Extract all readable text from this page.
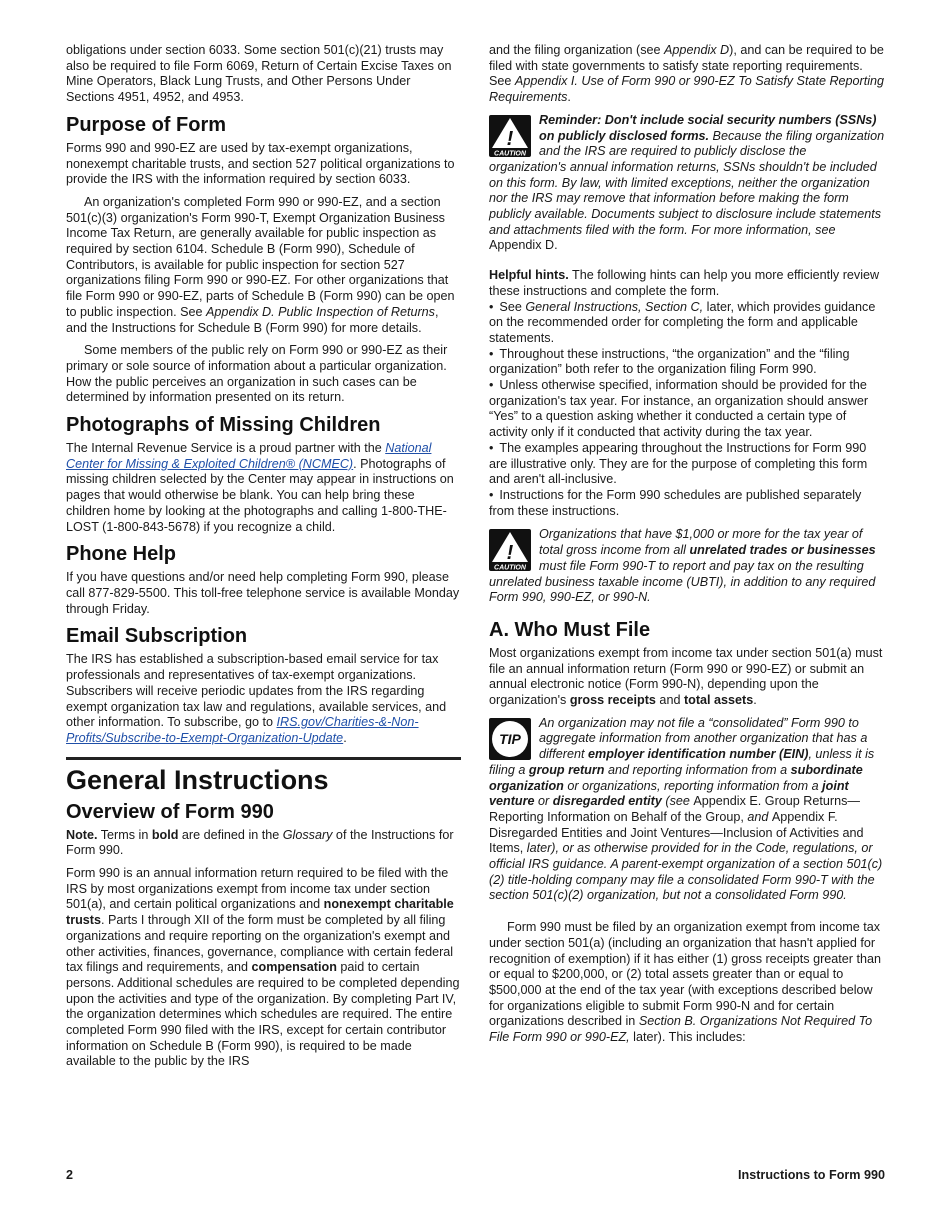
obligations under section 6033. Some section 501(c)(21) trusts may also be required to file Form 6069, Return of Certain Excise Taxes on Mine Operators, Black Lung Trusts, and Other Persons Under Sections 4951, 4952, and 4953.

Purpose of Form

Forms 990 and 990-EZ are used by tax-exempt organizations, nonexempt charitable trusts, and section 527 political organizations to provide the IRS with the information required by section 6033.

An organization's completed Form 990 or 990-EZ, and a section 501(c)(3) organization's Form 990-T, Exempt Organization Business Income Tax Return, are generally available for public inspection as required by section 6104. Schedule B (Form 990), Schedule of Contributors, is available for public inspection for section 527 organizations filing Form 990 or 990-EZ. For other organizations that file Form 990 or 990-EZ, parts of Schedule B (Form 990) can be open to public inspection. See Appendix D. Public Inspection of Returns, and the Instructions for Schedule B (Form 990) for more details.

Some members of the public rely on Form 990 or 990-EZ as their primary or sole source of information about a particular organization. How the public perceives an organization in such cases can be determined by information presented on its return.

Photographs of Missing Children

The Internal Revenue Service is a proud partner with the National Center for Missing & Exploited Children® (NCMEC). Photographs of missing children selected by the Center may appear in instructions on pages that would otherwise be blank. You can help bring these children home by looking at the photographs and calling 1-800-THE-LOST (1-800-843-5678) if you recognize a child.

Phone Help

If you have questions and/or need help completing Form 990, please call 877-829-5500. This toll-free telephone service is available Monday through Friday.

Email Subscription

The IRS has established a subscription-based email service for tax professionals and representatives of tax-exempt organizations. Subscribers will receive periodic updates from the IRS regarding exempt organization tax law and regulations, available services, and other information. To subscribe, go to IRS.gov/Charities-&-Non-Profits/Subscribe-to-Exempt-Organization-Update.

General Instructions
Overview of Form 990

Note. Terms in bold are defined in the Glossary of the Instructions for Form 990.

Form 990 is an annual information return required to be filed with the IRS by most organizations exempt from income tax under section 501(a), and certain political organizations and nonexempt charitable trusts. Parts I through XII of the form must be completed by all filing organizations and require reporting on the organization's exempt and other activities, finances, governance, compliance with certain federal tax filings and requirements, and compensation paid to certain persons. Additional schedules are required to be completed depending upon the activities and type of the organization. By completing Part IV, the organization determines which schedules are required. The entire completed Form 990 filed with the IRS, except for certain contributor information on Schedule B (Form 990), is required to be made available to the public by the IRS

and the filing organization (see Appendix D), and can be required to be filed with state governments to satisfy state reporting requirements. See Appendix I. Use of Form 990 or 990-EZ To Satisfy State Reporting Requirements.

!
CAUTION
Reminder: Don't include social security numbers (SSNs) on publicly disclosed forms. Because the filing organization and the IRS are required to publicly disclose the organization's annual information returns, SSNs shouldn't be included on this form. By law, with limited exceptions, neither the organization nor the IRS may remove that information before making the form publicly available. Documents subject to disclosure include statements and attachments filed with the form. For more information, see Appendix D.

Helpful hints. The following hints can help you more efficiently review these instructions and complete the form.

• See General Instructions, Section C, later, which provides guidance on the recommended order for completing the form and applicable statements.

• Throughout these instructions, “the organization” and the “filing organization” both refer to the organization filing Form 990.

• Unless otherwise specified, information should be provided for the organization's tax year. For instance, an organization should answer “Yes” to a question asking whether it conducted a certain type of activity only if it conducted that activity during the tax year.

• The examples appearing throughout the Instructions for Form 990 are illustrative only. They are for the purpose of completing this form and aren't all-inclusive.

• Instructions for the Form 990 schedules are published separately from these instructions.

!
CAUTION
Organizations that have $1,000 or more for the tax year of total gross income from all unrelated trades or businesses must file Form 990-T to report and pay tax on the resulting unrelated business taxable income (UBTI), in addition to any required Form 990, 990-EZ, or 990-N.
A. Who Must File

Most organizations exempt from income tax under section 501(a) must file an annual information return (Form 990 or 990-EZ) or submit an annual electronic notice (Form 990-N), depending upon the organization's gross receipts and total assets.

TIP
An organization may not file a “consolidated” Form 990 to aggregate information from another organization that has a different employer identification number (EIN), unless it is filing a group return and reporting information from a subordinate organization or organizations, reporting information from a joint venture or disregarded entity (see Appendix E. Group Returns—Reporting Information on Behalf of the Group, and Appendix F. Disregarded Entities and Joint Ventures—Inclusion of Activities and Items, later), or as otherwise provided for in the Code, regulations, or official IRS guidance. A parent-exempt organization of a section 501(c)(2) title-holding company may file a consolidated Form 990-T with the section 501(c)(2) organization, but not a consolidated Form 990.

Form 990 must be filed by an organization exempt from income tax under section 501(a) (including an organization that hasn't applied for recognition of exemption) if it has either (1) gross receipts greater than or equal to $200,000, or (2) total assets greater than or equal to $500,000 at the end of the tax year (with exceptions described below for organizations eligible to submit Form 990-N and for certain organizations described in Section B. Organizations Not Required To File Form 990 or 990-EZ, later). This includes:

2	Instructions to Form 990
